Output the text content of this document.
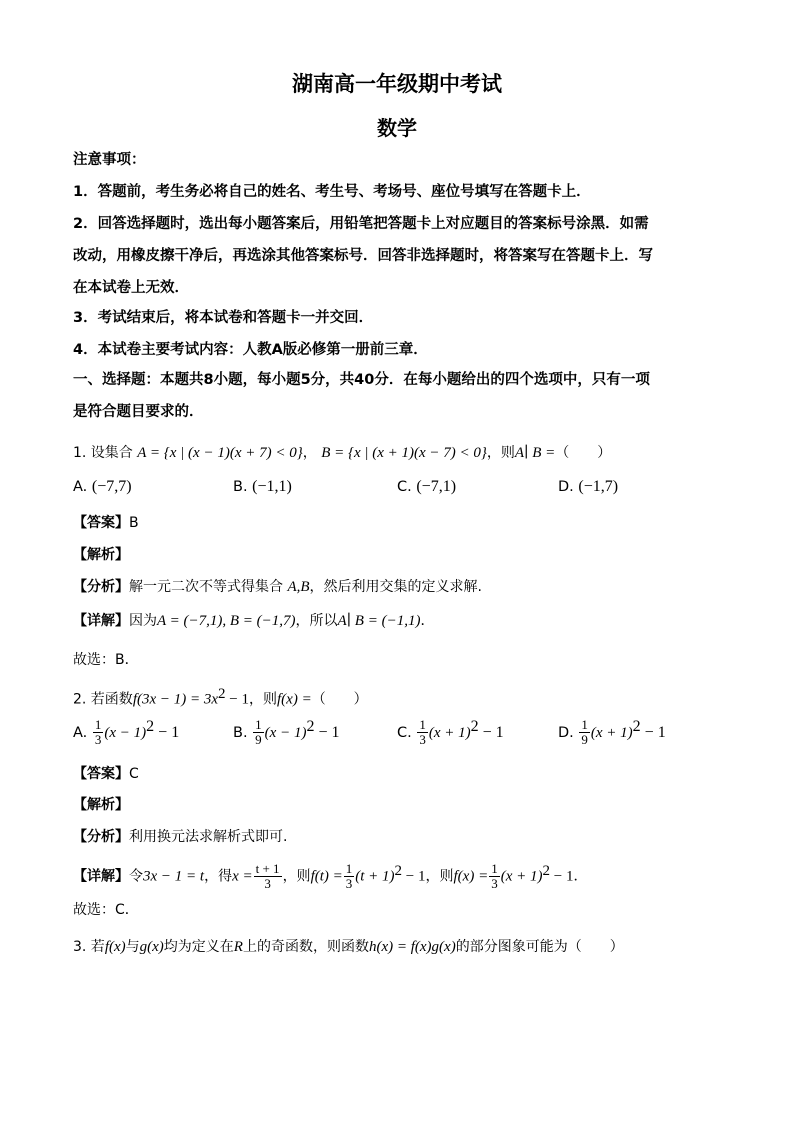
湖南高一年级期中考试
数学
注意事项：
1．答题前，考生务必将自己的姓名、考生号、考场号、座位号填写在答题卡上．
2．回答选择题时，选出每小题答案后，用铅笔把答题卡上对应题目的答案标号涂黑．如需
改动，用橡皮擦干净后，再选涂其他答案标号．回答非选择题时，将答案写在答题卡上．写
在本试卷上无效．
3．考试结束后，将本试卷和答题卡一并交回．
4．本试卷主要考试内容：人教A版必修第一册前三章．
一、选择题：本题共8小题，每小题5分，共40分．在每小题给出的四个选项中，只有一项
是符合题目要求的．
1. 设集合 A = {x | (x − 1)(x + 7) < 0}， B = {x | (x + 1)(x − 7) < 0}，则A∣ B =（　　）
A. (−7,7)	B. (−1,1)	C. (−7,1)	D. (−1,7)
【答案】B
【解析】
【分析】解一元二次不等式得集合 A,B，然后利用交集的定义求解.
【详解】因为A = (−7,1), B = (−1,7)，所以A∣ B = (−1,1)．
故选：B．
2. 若函数$f(3x - 1) = 3x^2 - 1$，则f(x) =（　　）
A. $\frac{1}{3} (x - 1)^2 - 1$	B. $\frac{1}{9} (x - 1)^2 - 1$	C. $\frac{1}{3} (x + 1)^2 - 1$	D. $\frac{1}{9} (x + 1)^2 - 1$
【答案】C
【解析】
【分析】利用换元法求解析式即可.
【详解】令3x − 1 = t，得$x = \frac{t + 1}{3}$ ，则$f(t) = \frac{1}{3} (t + 1)^2 - 1$，则$f(x) = \frac{1}{3} (x + 1)^2 - 1$．
故选：C．
3. 若f(x)与g(x)均为定义在R上的奇函数，则函数h(x) = f(x)g(x)的部分图象可能为（　　）
